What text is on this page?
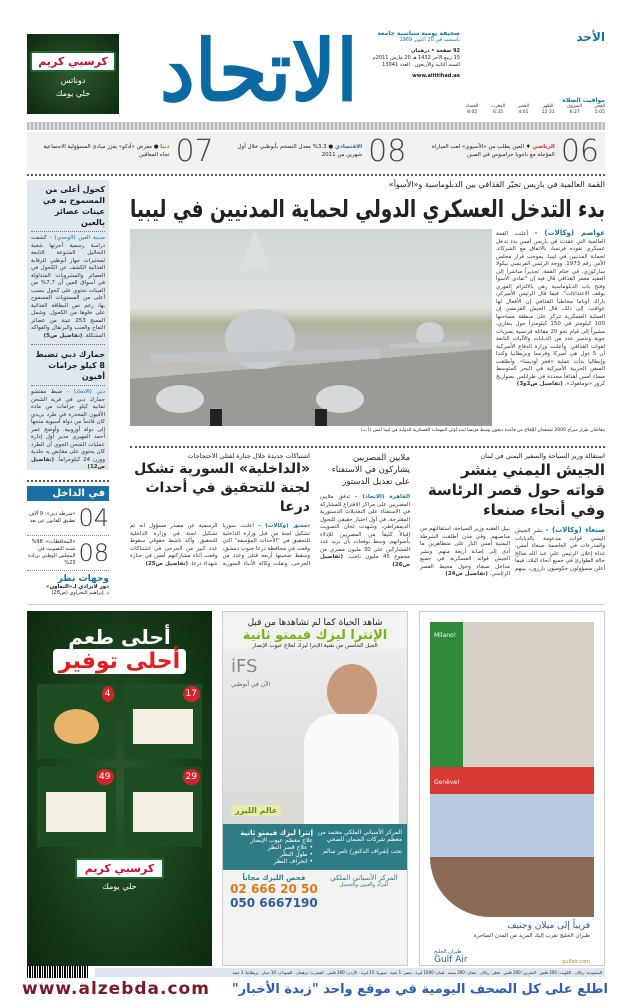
كرسبي كريم
دوناتس
حلي يومك الاتحاد	صحيفة يومية سياسية جامعة
تأسست في 20 أكتوبر 1969
92 صفحة • درهمان
15 ربيع الآخر 1432 هـ 20 مارس 2011م
السنة الثانية والأربعون . العدد 13041
www.alittihad.ae
الأحد
مواقيت الصلاة
الفجر
5:05
الشروق
6:27
الظهر
12:31
العصر
4:01
المغرب
6:35
العشاء
8:05
06
الرياضي ♦ العين يطلب من «الآسيوي» لعب المباراة المؤجلة مع ناجويا جرامبوس في الصين
08
الاقتصادي ● 3.3% معدل التضخم بأبوظبي خلال أول شهرين من 2011
07
دنيا ● معرض «أدكو» يعزز مبادئ المسؤولية الاجتماعية تجاه المعاقين
كحول أعلى من المسموح به في عينات عصائر بالعين

مدينة العين (الوحدي) - كشفت دراسة رسمية أجرتها شعبة التحاليل المتنوعة التابعة لمختبرات جهاز أبوظبي للرقابة الغذائية الكشف عن الكحول في العصائر والمشروبات المتداولة في أسواق العين أن 7.7% من العينات تحتوي على كحول بنسب أعلى من المستويات المسموح بها، رغم نص البطاقة الغذائية على خلوها من الكحول. وشمل المسح 253 عينة من عصائر التفاح والعنب والبرتقال والفواكه المشكلة. (تفاصيل ص5)

جمارك دبي تضبط 8 كيلو جرامات أفيون

دبي (الاتحاد) - ضبط مفتشو جمارك دبي في قرية الشحن ثمانية كيلو جرامات من مادة الأفيون المخدرة في طرد بريدي كان قادماً من دولة آسيوية متجهاً إلى دولة أوروبية. وأوضح عمر أحمد المهيري مدير أول إدارة عمليات الشحن الجوي أن الطرد كان يحتوي على مقابض يد جلدية ووزن 24 كيلوجراماً. (تفاصيل ص12)

في الداخل
04
«شرطة دبي»: 9 آلاف تطبيق للقانون عن بعد
08
«المحافظات»: 98% نسبة التصويت في المجلس الوطني بزيادة 23%
وجهات نظر
دور لابرادي لـ«التعاون»
د. إبراهيم البحراوي (ص28)
القمة العالمية في باريس تخيّر القذافي بين الدبلوماسية و«الأسوأ»
بدء التدخل العسكري الدولي لحماية المدنيين في ليبيا
مقاتلتان طراز ميراج 2000 تستعدان للإقلاع من قاعدة ديجون وسط فرنسا لبدء أولى المهمات العسكرية الدولية في ليبيا أمس (أ ب)
عواصم (وكالات) - أعلنت القمة العالمية التي عقدت في باريس أمس بدء تدخل عسكري تقوده فرنسا، بالاتفاق مع الشركاء، لحماية المدنيين في ليبيا، بموجب قرار مجلس الأمن رقم 1973. ووجه الرئيس الفرنسي نيكولا ساركوزي، في ختام القمة، تحذيراً مباشراً إلى العقيد معمر القذافي قال فيه إن "تفادي الأسوأ وفتح باب الدبلوماسية رهن بالالتزام الفوري بوقف الاعتداءات". فيما قال الرئيس الأميركي باراك أوباما مخاطباً القذافي إن الأفعال لها عواقب. إلى ذلك، قال الجيش الفرنسي إن العملية العسكرية تتركز على منطقة مساحتها 100 كيلومتر في 150 كيلومتراً حول بنغازي، مشيراً إلى قيام نحو 20 مقاتلة فرنسية بضربات جوية وتدمير عدد من الدبابات والآليات التابعة لقوات القذافي. وأعلنت وزارة الدفاع الأميركية أن 5 دول هي أميركا وفرنسا وبريطانيا وكندا وإيطاليا بدأت عملية «فجر أوديسا». وأطلقت السفن الحربية الأميركية في البحر المتوسط مساء أمس أهدافاً محددة في طرابلس بصواريخ كروز «توماهوك». (تفاصيل ص2و3)
استقالة وزير السياحة والسفير اليمني في لبنان
الجيش اليمني ينشر قواته حول قصر الرئاسة وفي أنحاء صنعاء

صنعاء (وكالات) - نشر الجيش اليمني قوات مدعومة بالدبابات والمدرعات في العاصمة صنعاء أمس، غداة إعلان الرئيس علي عبد الله صالح حالة الطوارئ في جميع أنحاء البلاد، فيما أعلن مسؤولون حكوميون بارزون، بينهم نبيل الفقيه وزير السياحة، استقالتهم من مناصبهم. وفي مدن أطلقت الشرطة اليمنية أمس النار على متظاهرين ما أدى إلى إصابة أربعة منهم. ونشر الجيش قواته العسكرية في جميع مداخل صنعاء وحول محيط القصر الرئاسي. (تفاصيل ص24)

ملايين المصريين يشاركون في الاستفتاء على تعديل الدستور

القاهرة (الاتحاد) - تدفق ملايين المصريين على مراكز الاقتراع للمشاركة في الاستفتاء على التعديلات الدستورية المقترحة، في أول اختبار حقيقي للتحول الديمقراطي، وشهدت لجان التصويت إقبالاً كثيفاً من المصريين للإدلاء بأصواتهم. وسط توقعات بأن يزيد عدد المشاركين على 30 مليون مصري من مجموع 45 مليون ناخب. (تفاصيل ص26)

اشتباكات جديدة خلال جنازة لقتلى الاحتجاجات
«الداخلية» السورية تشكل لجنة للتحقيق في أحداث درعا

دمشق (وكالات) - أعلنت سوريا تشكيل لجنة من قبل وزارة الداخلية للتحقيق في "الأحداث المؤسفة" التي وقعت في محافظة درعا جنوب دمشق، وسقط ضحيتها أربعة قتلى وعدد من الجرحى. ونقلت وكالة الأنباء السورية الرسمية عن مصدر مسؤول أنه تم تشكيل لجنة في وزارة الداخلية للتحقيق. وأكد ناشط حقوقي سقوط عدد كبير من الجرحى في اشتباكات وقعت أثناء مشاركتهم أمس في جنازة شهداء درعا. (تفاصيل ص25)

أحلى طعم
أحلى توفير
17
4
29
49
كرسبي كريم
حلي يومك
شاهد الحياة كما لم تشاهدها من قبل
الإنترا ليزك فيمتو ثانية
الجيل الخامس من تقنية الإنترا ليزك لعلاج عيوب الإبصار
iFS
الآن في أبوظبي
عالم الليزر
المركز الأسباني الملكي معتمد من معظم شركات الضمان الصحي
تحت إشراف الدكتور/ تامر سالم
إنترا ليزك فيمتو ثانية
علاج معظم عيوب الإبصار
• علاج قصر النظر
• طول النظر
• انحراف النظر
المركز الأسباني الملكي
لليزك والعيون والتجميل
فحص الليزك مجاناً
02 666 20 50
050 6667190
Milano!
Genève!
قريباً إلى ميلان وجنيف
طيران الخليج تقرب إليك المزيد من المدن الساحرة
gulfair.com
طيران الخليج
Gulf Air
السعودية: ريالان . الكويت: 200 فلس . البحرين: 200 فلس . قطر: ريالان . عمان: 200 بيسة . لبنان: 1000 ليرة . مصر: 1 جنيه . سوريا: 15 ليرة . الأردن: 300 فلس . المغرب: درهمان . السودان: 10 دينار . بريطانيا: 1 جنيه
www.alzebda.com	اطلع على كل الصحف اليومية في موقع واحد "زبدة الأخبار"
